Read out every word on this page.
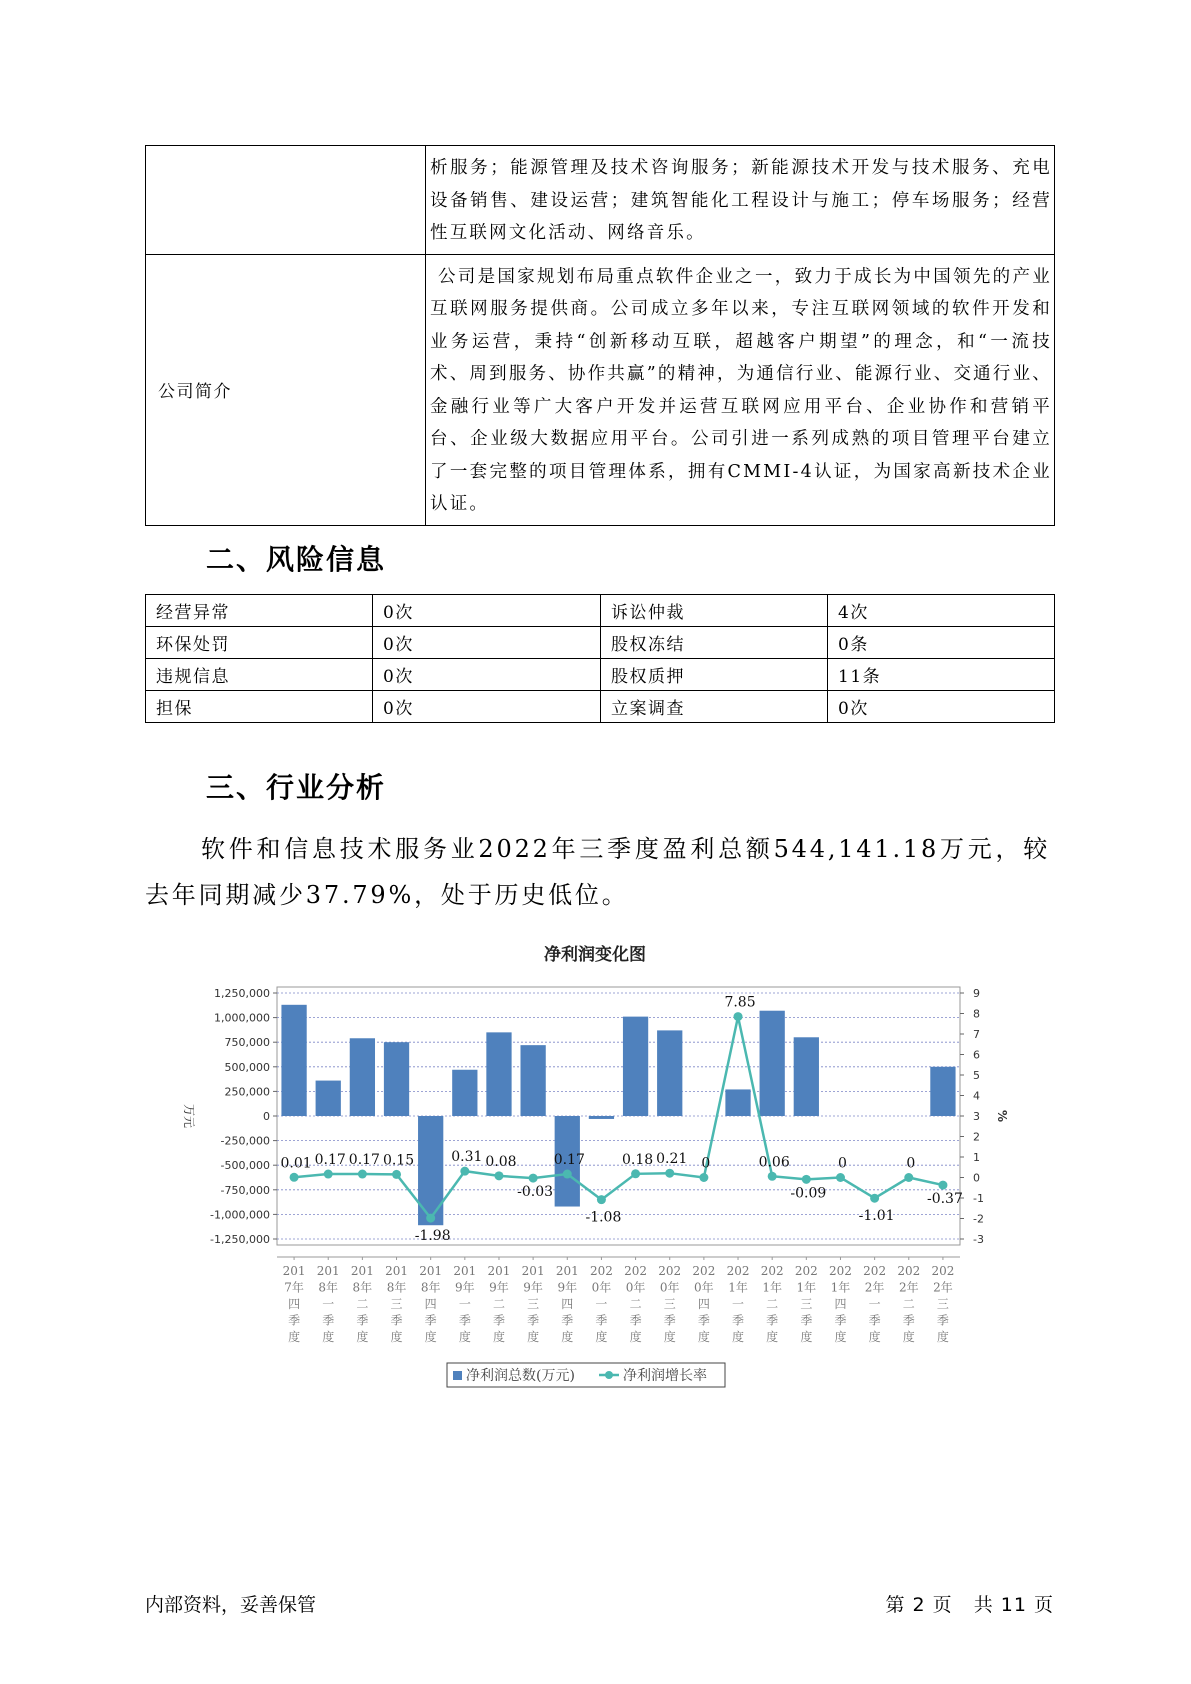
	析服务；能源管理及技术咨询服务；新能源技术开发与技术服务、充电设备销售、建设运营；建筑智能化工程设计与施工；停车场服务；经营性互联网文化活动、网络音乐。
公司简介	公司是国家规划布局重点软件企业之一，致力于成长为中国领先的产业互联网服务提供商。公司成立多年以来，专注互联网领域的软件开发和业务运营，秉持“创新移动互联，超越客户期望”的理念，和“一流技术、周到服务、协作共赢”的精神，为通信行业、能源行业、交通行业、金融行业等广大客户开发并运营互联网应用平台、企业协作和营销平台、企业级大数据应用平台。公司引进一系列成熟的项目管理平台建立了一套完整的项目管理体系，拥有CMMI-4认证，为国家高新技术企业认证。
二、风险信息
经营异常	0次	诉讼仲裁	4次
环保处罚	0次	股权冻结	0条
违规信息	0次	股权质押	11条
担保	0次	立案调查	0次
三、行业分析
软件和信息技术服务业2022年三季度盈利总额544,141.18万元，较去年同期减少37.79%，处于历史低位。
净利润变化图
1,250,000
1,000,000
750,000
500,000
250,000
0
-250,000
-500,000
-750,000
-1,000,000
-1,250,000
9
8
7
6
5
4
3
2
1
0
-1
-2
-3
万元	%
0.01 0.17 0.17 0.15
-1.98
0.31 0.08
-0.03
0.17
-1.08
0.18 0.21 0
7.85
0.06
-0.09
0
-1.01
0
-0.37
201
7年
四
季
度
201
8年
一
季
度
201
8年
二
季
度
201
8年
三
季
度
201
8年
四
季
度
201
9年
一
季
度
201
9年
二
季
度
201
9年
三
季
度
201
9年
四
季
度
202
0年
一
季
度
202
0年
二
季
度
202
0年
三
季
度
202
0年
四
季
度
202
1年
一
季
度
202
1年
二
季
度
202
1年
三
季
度
202
1年
四
季
度
202
2年
一
季
度
202
2年
二
季
度
202
2年
三
季
度
净利润总数(万元)	净利润增长率
内部资料，妥善保管	第 2 页   共 11 页
